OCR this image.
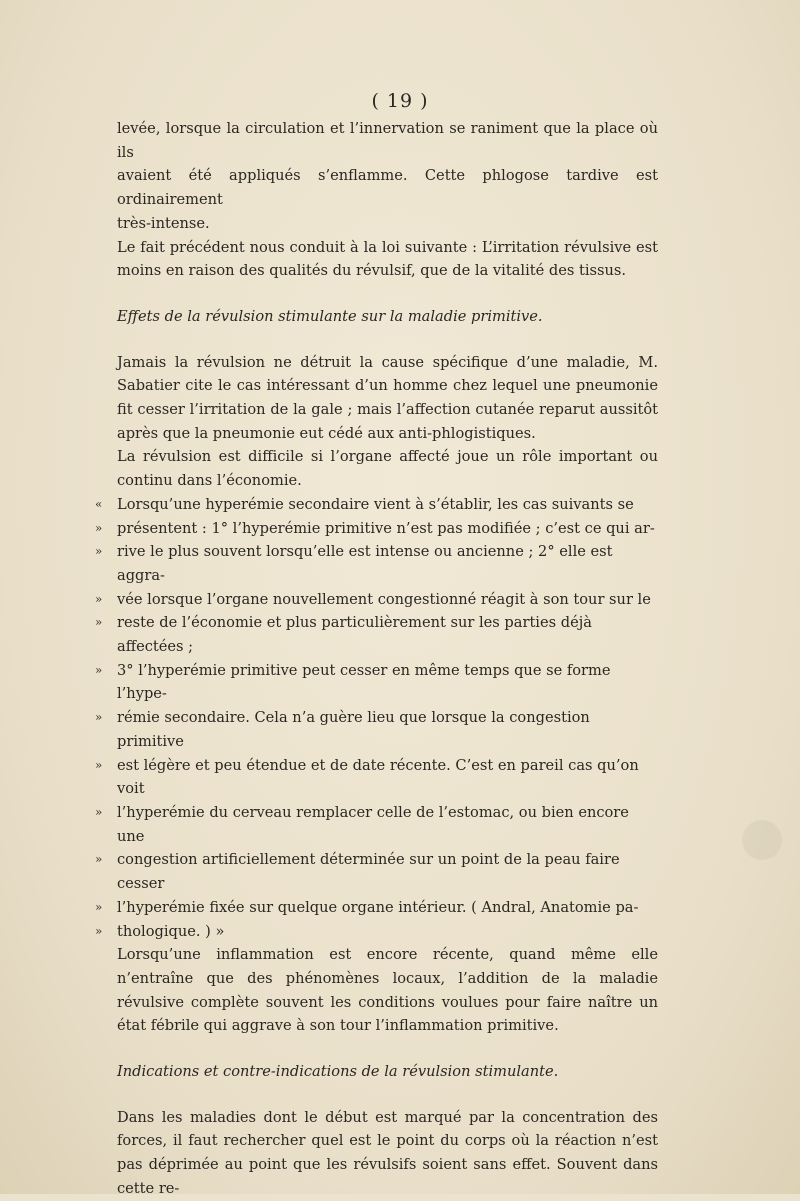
( 19 )

levée, lorsque la circulation et l’innervation se raniment que la place où ils

avaient été appliqués s’enflamme. Cette phlogose tardive est ordinairement

très-intense.

Le fait précédent nous conduit à la loi suivante : L’irritation révulsive est moins en raison des qualités du révulsif, que de la vitalité des tissus.

Effets de la révulsion stimulante sur la maladie primitive.

Jamais la révulsion ne détruit la cause spécifique d’une maladie, M. Sabatier cite le cas intéressant d’un homme chez lequel une pneumonie fit cesser l’irritation de la gale ; mais l’affection cutanée reparut aussitôt après que la pneumonie eut cédé aux anti-phlogistiques.

La révulsion est difficile si l’organe affecté joue un rôle important ou continu dans l’économie.

« Lorsqu’une hyperémie secondaire vient à s’établir, les cas suivants se
» présentent : 1° l’hyperémie primitive n’est pas modifiée ; c’est ce qui ar-
» rive le plus souvent lorsqu’elle est intense ou ancienne ; 2° elle est aggra-
» vée lorsque l’organe nouvellement congestionné réagit à son tour sur le
» reste de l’économie et plus particulièrement sur les parties déjà affectées ;
» 3° l’hyperémie primitive peut cesser en même temps que se forme l’hype-
» rémie secondaire. Cela n’a guère lieu que lorsque la congestion primitive
» est légère et peu étendue et de date récente. C’est en pareil cas qu’on voit
» l’hyperémie du cerveau remplacer celle de l’estomac, ou bien encore une
» congestion artificiellement déterminée sur un point de la peau faire cesser
» l’hyperémie fixée sur quelque organe intérieur. ( Andral, Anatomie pa-
» thologique. ) »

Lorsqu’une inflammation est encore récente, quand même elle n’entraîne que des phénomènes locaux, l’addition de la maladie révulsive complète souvent les conditions voulues pour faire naître un état fébrile qui aggrave à son tour l’inflammation primitive.

Indications et contre-indications de la révulsion stimulante.

Dans les maladies dont le début est marqué par la concentration des forces, il faut rechercher quel est le point du corps où la réaction n’est pas déprimée au point que les révulsifs soient sans effet. Souvent dans cette re-
